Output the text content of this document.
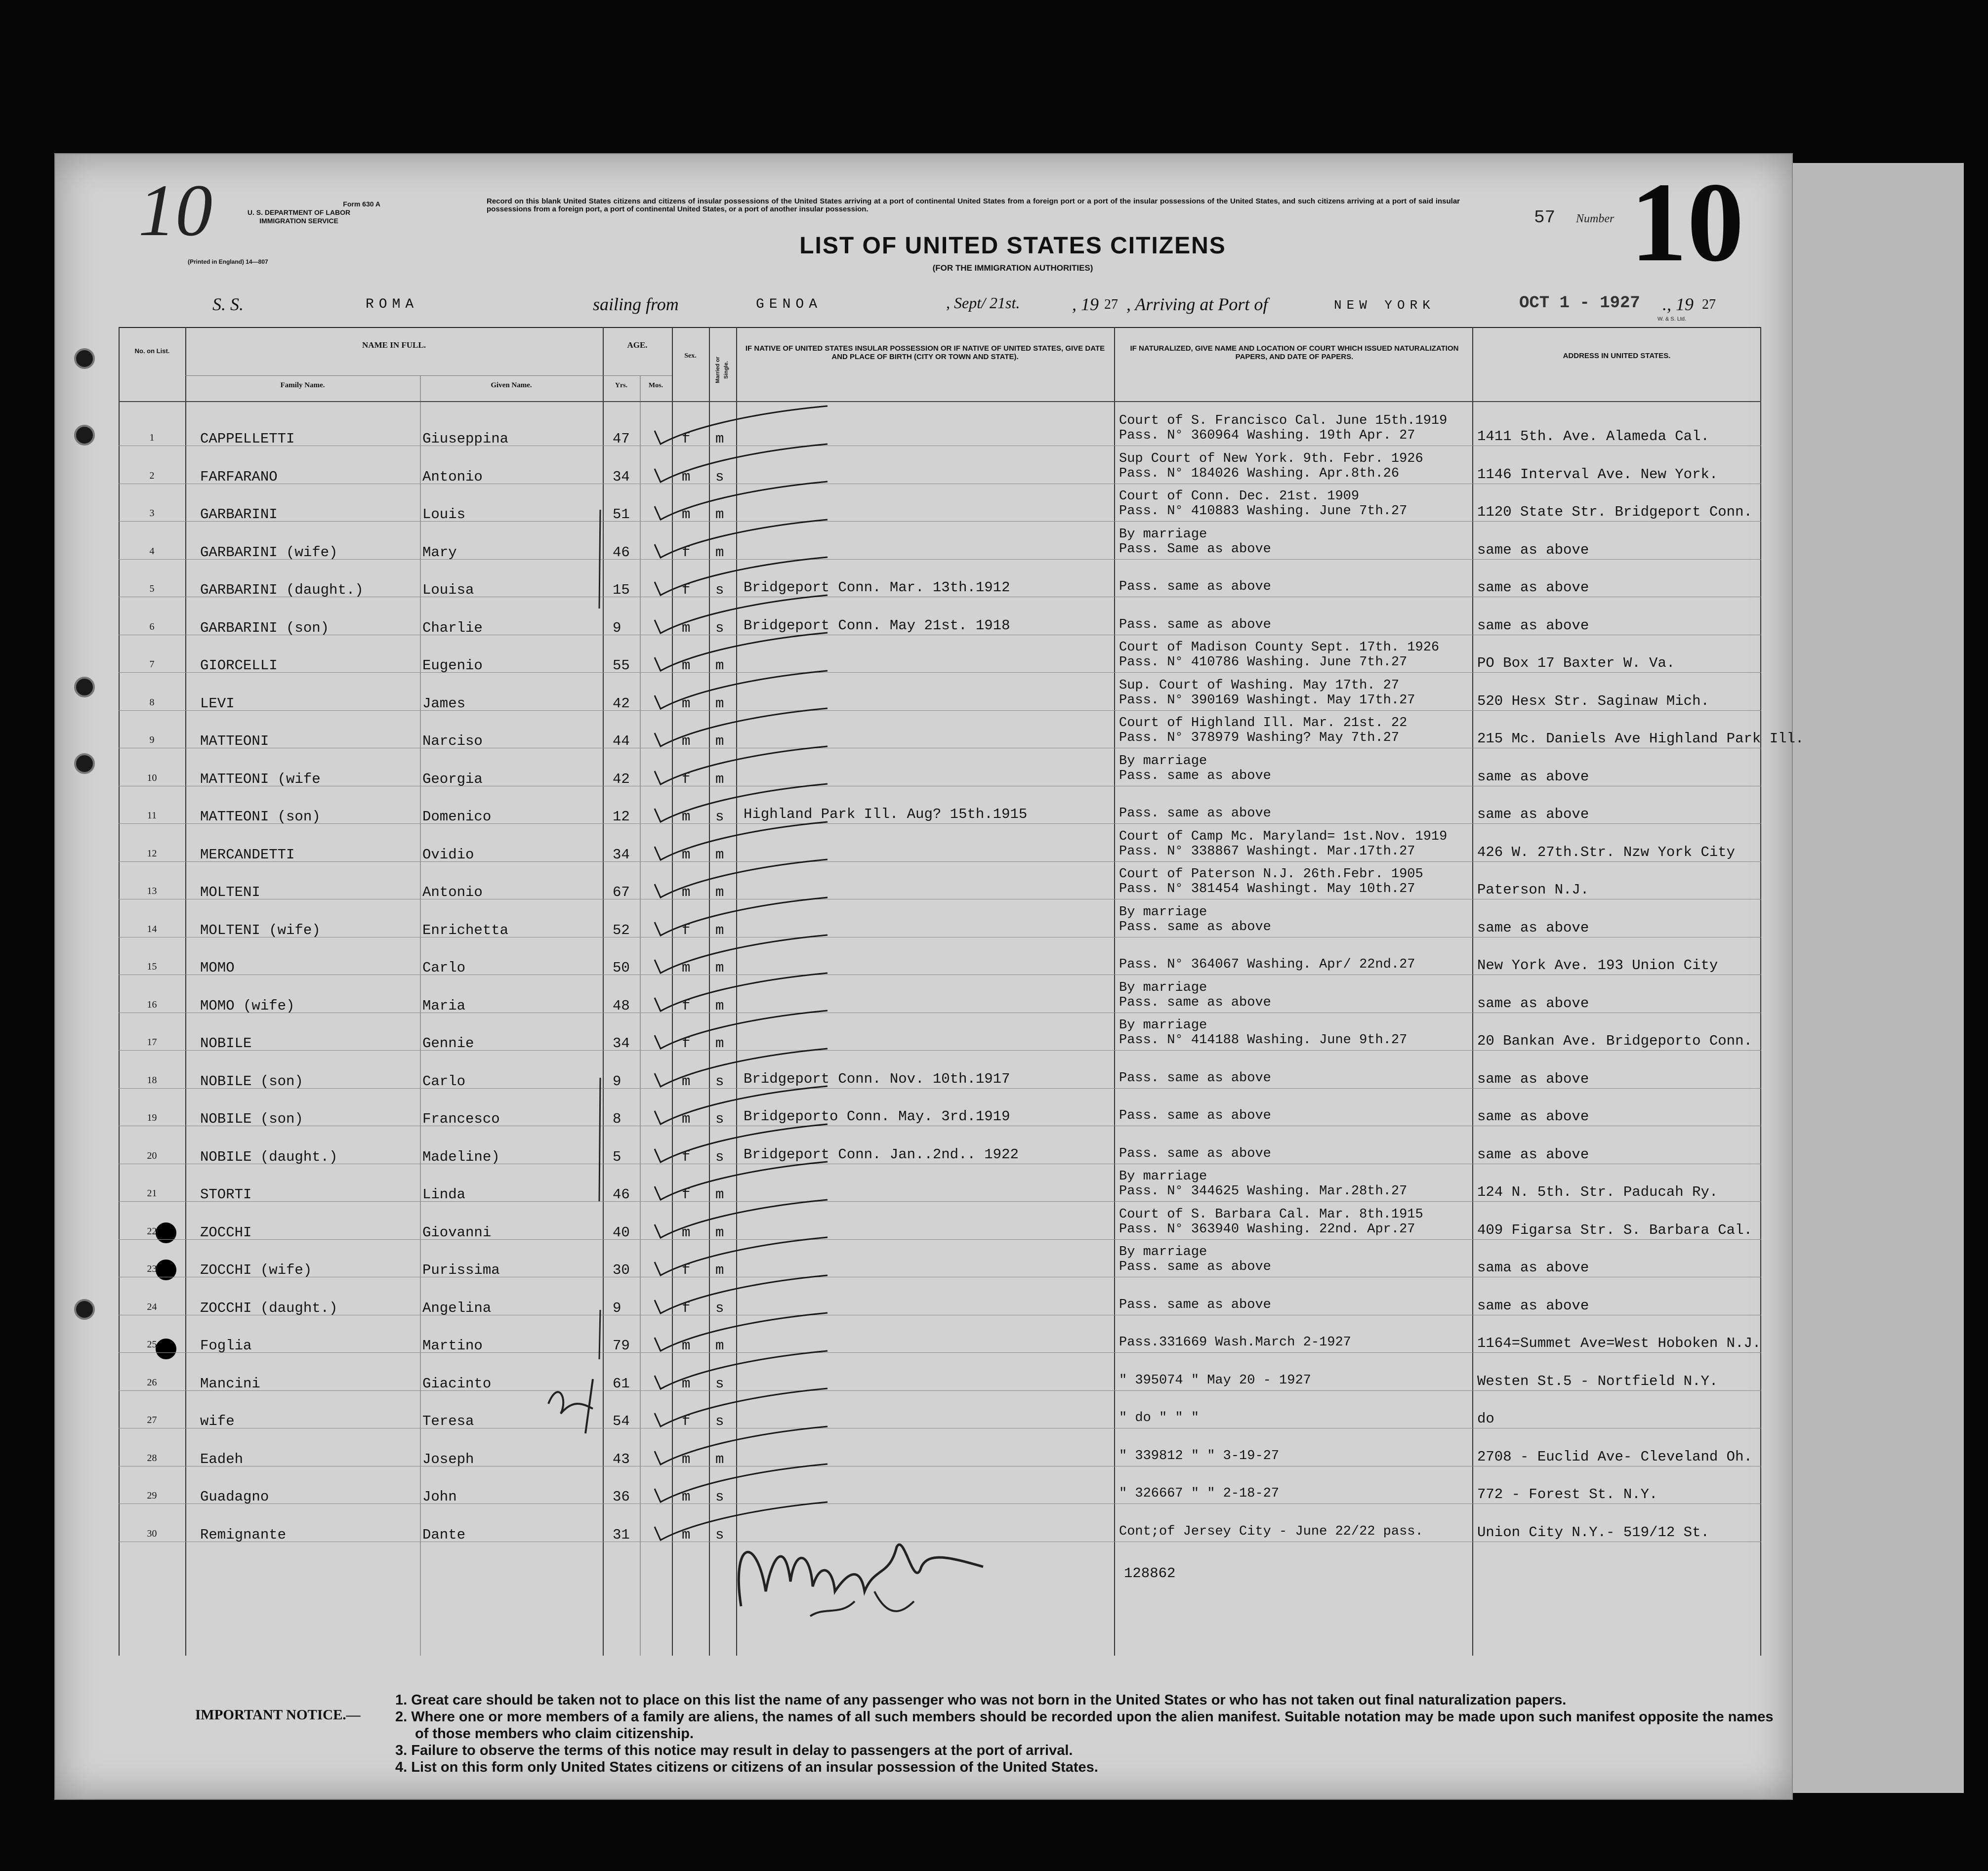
Form 630 A
U. S. DEPARTMENT OF LABOR
IMMIGRATION SERVICE
(Printed in England) 14—807
10	Record on this blank United States citizens and citizens of insular possessions of the United States arriving at a port of continental United States from a foreign port or a port of the insular possessions of the United States, and such citizens arriving at a port of said insular possessions from a foreign port, a port of continental United States, or a port of another insular possession.
LIST OF UNITED STATES CITIZENS
(FOR THE IMMIGRATION AUTHORITIES)
57 Number 10
S. S.	ROMA	sailing from	GENOA	, Sept/ 21st.	, 19 27 , Arriving at Port of	NEW YORK	OCT 1 - 1927 ., 19 27
W. & S. Ltd.
No. on List.
NAME IN FULL.
Family Name.	Given Name.
AGE.
Yrs.	Mos.
Sex.
Married or Single.
IF NATIVE OF UNITED STATES INSULAR POSSESSION OR IF NATIVE OF UNITED STATES, GIVE DATE AND PLACE OF BIRTH (CITY OR TOWN AND STATE).
IF NATURALIZED, GIVE NAME AND LOCATION OF COURT WHICH ISSUED NATURALIZATION PAPERS, AND DATE OF PAPERS.	ADDRESS IN UNITED STATES.
1	CAPPELLETTI	Giuseppina	47	f m
Court of S. Francisco Cal. June 15th.1919
Pass. N° 360964 Washing. 19th Apr. 27	1411 5th. Ave. Alameda Cal.
2	FARFARANO	Antonio	34	m s
Sup Court of New York. 9th. Febr. 1926
Pass. N° 184026 Washing. Apr.8th.26	1146 Interval Ave. New York.
3	GARBARINI	Louis	51	m m
Court of Conn. Dec. 21st. 1909
Pass. N° 410883 Washing. June 7th.27	1120 State Str. Bridgeport Conn.
4	GARBARINI (wife)	Mary	46	f m
By marriage
Pass. Same as above	same as above
5	GARBARINI (daught.)	Louisa	15	f s Bridgeport Conn. Mar. 13th.1912	Pass. same as above	same as above
6	GARBARINI (son)	Charlie	9	m s Bridgeport Conn. May 21st. 1918	Pass. same as above	same as above
7	GIORCELLI	Eugenio	55	m m
Court of Madison County Sept. 17th. 1926
Pass. N° 410786 Washing. June 7th.27	PO Box 17 Baxter W. Va.
8	LEVI	James	42	m m
Sup. Court of Washing. May 17th. 27
Pass. N° 390169 Washingt. May 17th.27	520 Hesx Str. Saginaw Mich.
9	MATTEONI	Narciso	44	m m
Court of Highland Ill. Mar. 21st. 22
Pass. N° 378979 Washing? May 7th.27	215 Mc. Daniels Ave Highland Park Ill.
10	MATTEONI (wife	Georgia	42	f m
By marriage
Pass. same as above	same as above
11	MATTEONI (son)	Domenico	12	m s Highland Park Ill. Aug? 15th.1915	Pass. same as above	same as above
12	MERCANDETTI	Ovidio	34	m m
Court of Camp Mc. Maryland= 1st.Nov. 1919
Pass. N° 338867 Washingt. Mar.17th.27	426 W. 27th.Str. Nzw York City
13	MOLTENI	Antonio	67	m m
Court of Paterson N.J. 26th.Febr. 1905
Pass. N° 381454 Washingt. May 10th.27	Paterson N.J.
14	MOLTENI (wife)	Enrichetta	52	f m
By marriage
Pass. same as above	same as above
15	MOMO	Carlo	50	m m	Pass. N° 364067 Washing. Apr/ 22nd.27	New York Ave. 193 Union City
16	MOMO (wife)	Maria	48	f m
By marriage
Pass. same as above	same as above
17	NOBILE	Gennie	34	f m
By marriage
Pass. N° 414188 Washing. June 9th.27	20 Bankan Ave. Bridgeporto Conn.
18	NOBILE (son)	Carlo	9	m s Bridgeport Conn. Nov. 10th.1917	Pass. same as above	same as above
19	NOBILE (son)	Francesco	8	m s Bridgeporto Conn. May. 3rd.1919	Pass. same as above	same as above
20	NOBILE (daught.)	Madeline)	5	f s Bridgeport Conn. Jan..2nd.. 1922	Pass. same as above	same as above
21	STORTI	Linda	46	f m
By marriage
Pass. N° 344625 Washing. Mar.28th.27	124 N. 5th. Str. Paducah Ry.
22	ZOCCHI	Giovanni	40	m m
Court of S. Barbara Cal. Mar. 8th.1915
Pass. N° 363940 Washing. 22nd. Apr.27	409 Figarsa Str. S. Barbara Cal.
23	ZOCCHI (wife)	Purissima	30	f m
By marriage
Pass. same as above	sama as above
24	ZOCCHI (daught.)	Angelina	9	f s	Pass. same as above	same as above
25	Foglia	Martino	79	m m	Pass.331669 Wash.March 2-1927	1164=Summet Ave=West Hoboken N.J.
26	Mancini	Giacinto	61	m s	" 395074 " May 20 - 1927	Westen St.5 - Nortfield N.Y.
27	wife	Teresa	54	f s	" do " " "	do
28	Eadeh	Joseph	43	m m	" 339812 " " 3-19-27	2708 - Euclid Ave- Cleveland Oh.
29	Guadagno	John	36	m s	" 326667 " " 2-18-27	772 - Forest St. N.Y.
30	Remignante	Dante	31	m s	Cont;of Jersey City - June 22/22 pass.	Union City N.Y.- 519/12 St.
128862
IMPORTANT NOTICE.—
1. Great care should be taken not to place on this list the name of any passenger who was not born in the United States or who has not taken out final naturalization papers.
2. Where one or more members of a family are aliens, the names of all such members should be recorded upon the alien manifest. Suitable notation may be made upon such manifest opposite the names of those members who claim citizenship.
3. Failure to observe the terms of this notice may result in delay to passengers at the port of arrival.
4. List on this form only United States citizens or citizens of an insular possession of the United States.
